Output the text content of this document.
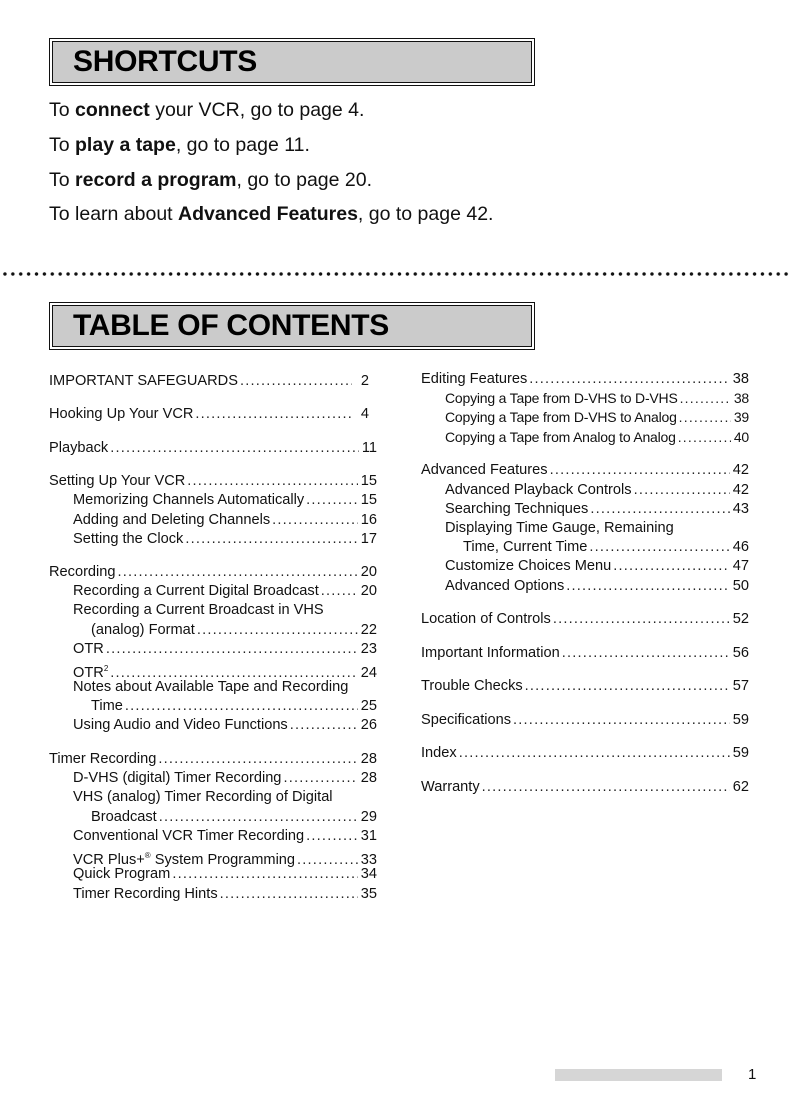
SHORTCUTS
To connect your VCR, go to page 4.
To play a tape, go to page 11.
To record a program, go to page 20.
To learn about Advanced Features, go to page 42.
TABLE OF CONTENTS
IMPORTANT SAFEGUARDS .....	2
Hooking Up Your VCR .....	4
Playback .....	11
Setting Up Your VCR .....	15
Memorizing Channels Automatically .....	15
Adding and Deleting Channels .....	16
Setting the Clock .....	17
Recording .....	20
Recording a Current Digital Broadcast .....	20
Recording a Current Broadcast in VHS
(analog) Format .....	22
OTR .....	23
OTR$^2$ .....	24
Notes about Available Tape and Recording
Time .....	25
Using Audio and Video Functions .....	26
Timer Recording .....	28
D-VHS (digital) Timer Recording .....	28
VHS (analog) Timer Recording of Digital
Broadcast .....	29
Conventional VCR Timer Recording .....	31
VCR Plus+® System Programming .....	33
Quick Program .....	34
Timer Recording Hints .....	35
Editing Features .....	38
Copying a Tape from D-VHS to D-VHS .....	38
Copying a Tape from D-VHS to Analog .....	39
Copying a Tape from Analog to Analog .....	40
Advanced Features .....	42
Advanced Playback Controls .....	42
Searching Techniques .....	43
Displaying Time Gauge, Remaining
Time, Current Time .....	46
Customize Choices Menu .....	47
Advanced Options .....	50
Location of Controls .....	52
Important Information .....	56
Trouble Checks .....	57
Specifications .....	59
Index .....	59
Warranty .....	62
1
